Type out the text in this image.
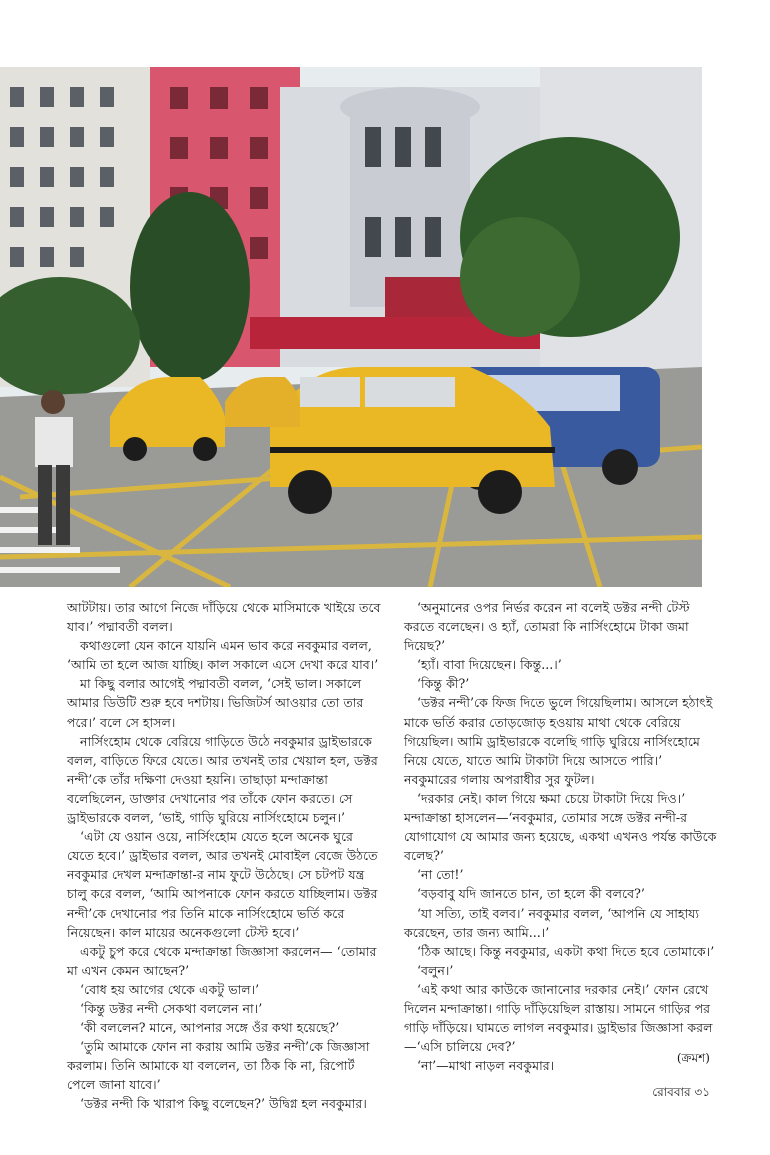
আটটায়। তার আগে নিজে দাঁড়িয়ে থেকে মাসিমাকে খাইয়ে তবে যাব।’ পদ্মাবতী বলল।

কথাগুলো যেন কানে যায়নি এমন ভাব করে নবকুমার বলল, ‘আমি তা হলে আজ যাচ্ছি। কাল সকালে এসে দেখা করে যাব।’

মা কিছু বলার আগেই পদ্মাবতী বলল, ‘সেই ভাল। সকালে আমার ডিউটি শুরু হবে দশটায়। ভিজিটর্স আওয়ার তো তার পরে।’ বলে সে হাসল।

নার্সিংহোম থেকে বেরিয়ে গাড়িতে উঠে নবকুমার ড্রাইভারকে বলল, বাড়িতে ফিরে যেতে। আর তখনই তার খেয়াল হল, ডক্টর নন্দী’কে তাঁর দক্ষিণা দেওয়া হয়নি। তাছাড়া মন্দাক্রান্তা বলেছিলেন, ডাক্তার দেখানোর পর তাঁকে ফোন করতে। সে ড্রাইভারকে বলল, ‘ভাই, গাড়ি ঘুরিয়ে নার্সিংহোমে চলুন।’

‘এটা যে ওয়ান ওয়ে, নার্সিংহোম যেতে হলে অনেক ঘুরে যেতে হবে।’ ড্রাইভার বলল, আর তখনই মোবাইল বেজে উঠতে নবকুমার দেখল মন্দাক্রান্তা-র নাম ফুটে উঠেছে। সে চটপট যন্ত্র চালু করে বলল, ‘আমি আপনাকে ফোন করতে যাচ্ছিলাম। ডক্টর নন্দী’কে দেখানোর পর তিনি মাকে নার্সিংহোমে ভর্তি করে নিয়েছেন। কাল মায়ের অনেকগুলো টেস্ট হবে।’

একটু চুপ করে থেকে মন্দাক্রান্তা জিজ্ঞাসা করলেন— ‘তোমার মা এখন কেমন আছেন?’

‘বোধ হয় আগের থেকে একটু ভাল।’

‘কিন্তু ডক্টর নন্দী সেকথা বললেন না।’

‘কী বললেন? মানে, আপনার সঙ্গে ওঁর কথা হয়েছে?’

‘তুমি আমাকে ফোন না করায় আমি ডক্টর নন্দী’কে জিজ্ঞাসা করলাম। তিনি আমাকে যা বললেন, তা ঠিক কি না, রিপোর্ট পেলে জানা যাবে।’

‘ডক্টর নন্দী কি খারাপ কিছু বলেছেন?’ উদ্বিগ্ন হল নবকুমার।

‘অনুমানের ওপর নির্ভর করেন না বলেই ডক্টর নন্দী টেস্ট করতে বলেছেন। ও হ্যাঁ, তোমরা কি নার্সিংহোমে টাকা জমা দিয়েছ?’

‘হ্যাঁ। বাবা দিয়েছেন। কিন্তু...।’

‘কিন্তু কী?’

‘ডক্টর নন্দী’কে ফিজ দিতে ভুলে গিয়েছিলাম। আসলে হঠাৎই মাকে ভর্তি করার তোড়জোড় হওয়ায় মাথা থেকে বেরিয়ে গিয়েছিল। আমি ড্রাইভারকে বলেছি গাড়ি ঘুরিয়ে নার্সিংহোমে নিয়ে যেতে, যাতে আমি টাকাটা দিয়ে আসতে পারি।’ নবকুমারের গলায় অপরাধীর সুর ফুটল।

‘দরকার নেই। কাল গিয়ে ক্ষমা চেয়ে টাকাটা দিয়ে দিও।’ মন্দাক্রান্তা হাসলেন—‘নবকুমার, তোমার সঙ্গে ডক্টর নন্দী-র যোগাযোগ যে আমার জন্য হয়েছে, একথা এখনও পর্যন্ত কাউকে বলেছ?’

‘না তো!’

‘বড়বাবু যদি জানতে চান, তা হলে কী বলবে?’

‘যা সত্যি, তাই বলব।’ নবকুমার বলল, ‘আপনি যে সাহায্য করেছেন, তার জন্য আমি...।’

‘ঠিক আছে। কিন্তু নবকুমার, একটা কথা দিতে হবে তোমাকে।’

‘বলুন।’

‘এই কথা আর কাউকে জানানোর দরকার নেই।’ ফোন রেখে দিলেন মন্দাক্রান্তা। গাড়ি দাঁড়িয়েছিল রাস্তায়। সামনে গাড়ির পর গাড়ি দাঁড়িয়ে। ঘামতে লাগল নবকুমার। ড্রাইভার জিজ্ঞাসা করল—‘এসি চালিয়ে দেব?’

‘না’—মাথা নাড়ল নবকুমার।

(ক্রমশ)
রোববার ৩১
